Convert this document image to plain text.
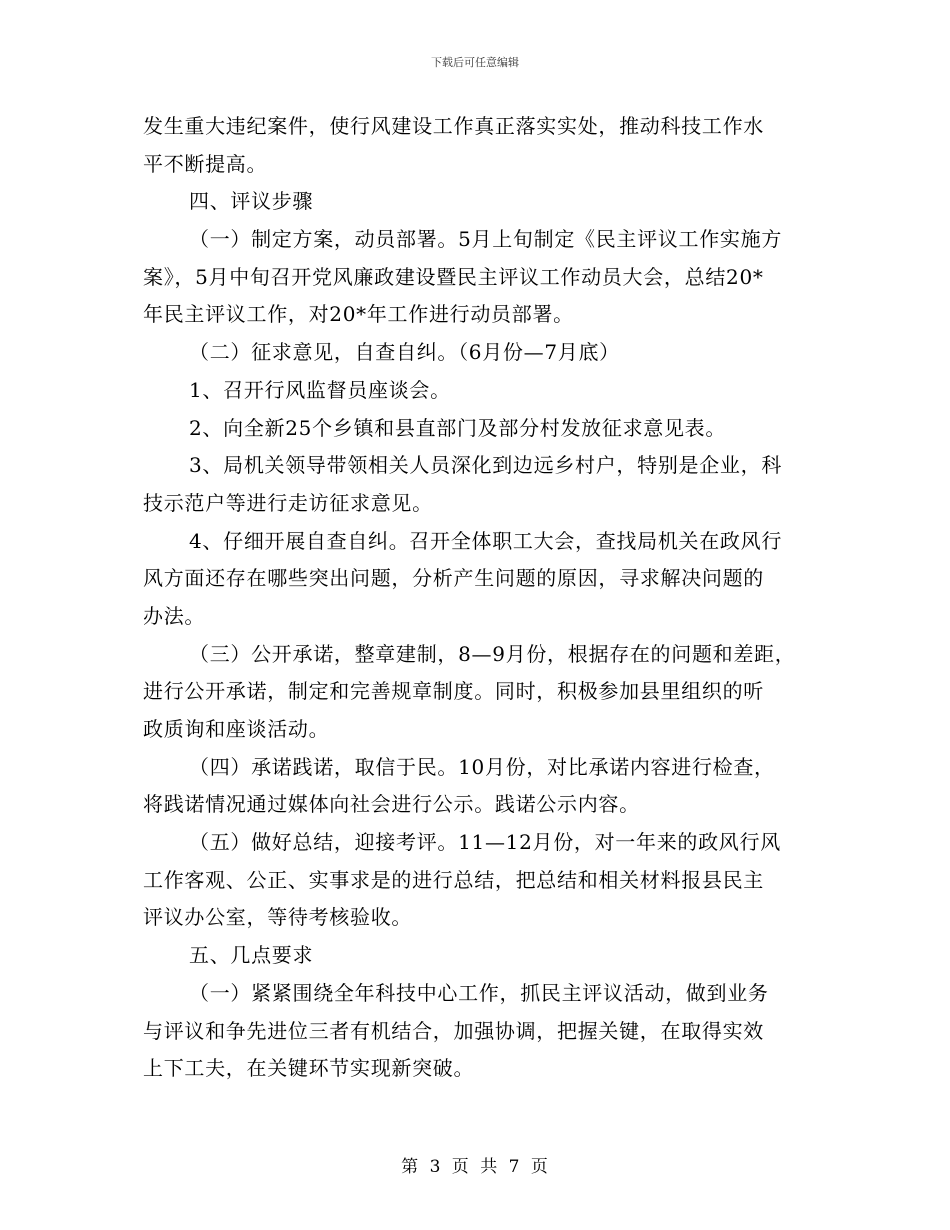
下载后可任意编辑
发生重大违纪案件，使行风建设工作真正落实实处，推动科技工作水
平不断提高。
四、评议步骤
（一）制定方案，动员部署。5月上旬制定《民主评议工作实施方
案》，5月中旬召开党风廉政建设暨民主评议工作动员大会，总结20*
年民主评议工作，对20*年工作进行动员部署。
（二）征求意见，自查自纠。（6月份—7月底）
1、召开行风监督员座谈会。
2、向全新25个乡镇和县直部门及部分村发放征求意见表。
3、局机关领导带领相关人员深化到边远乡村户，特别是企业，科
技示范户等进行走访征求意见。
4、仔细开展自查自纠。召开全体职工大会，查找局机关在政风行
风方面还存在哪些突出问题，分析产生问题的原因，寻求解决问题的
办法。
（三）公开承诺，整章建制，8—9月份，根据存在的问题和差距，
进行公开承诺，制定和完善规章制度。同时，积极参加县里组织的听
政质询和座谈活动。
（四）承诺践诺，取信于民。10月份，对比承诺内容进行检查，
将践诺情况通过媒体向社会进行公示。践诺公示内容。
（五）做好总结，迎接考评。11—12月份，对一年来的政风行风
工作客观、公正、实事求是的进行总结，把总结和相关材料报县民主
评议办公室，等待考核验收。
五、几点要求
（一）紧紧围绕全年科技中心工作，抓民主评议活动，做到业务
与评议和争先进位三者有机结合，加强协调，把握关键，在取得实效
上下工夫，在关键环节实现新突破。
第 3 页 共 7 页
